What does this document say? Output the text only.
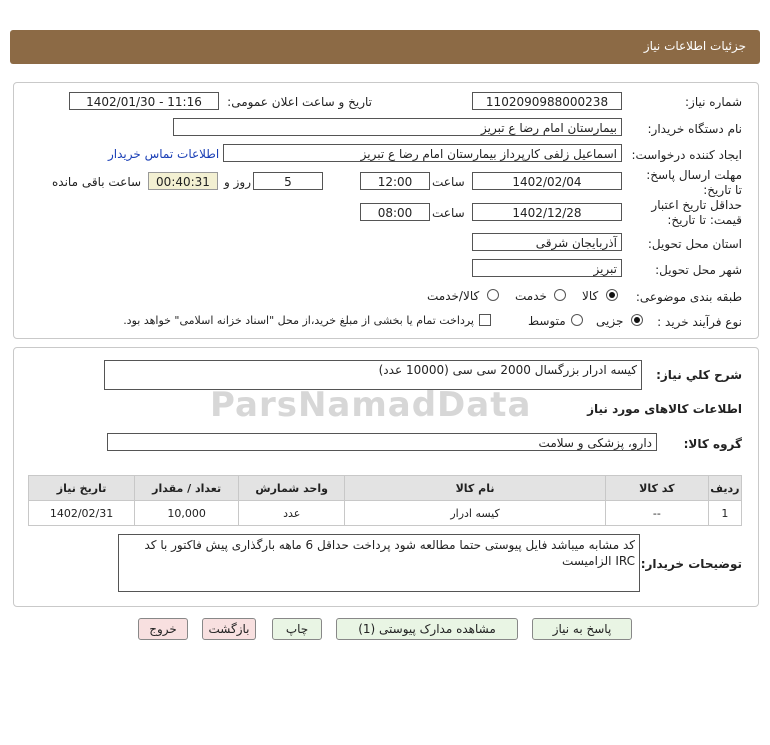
جزئیات اطلاعات نیاز
شماره نیاز:
1102090988000238
تاریخ و ساعت اعلان عمومی:
1402/01/30 - 11:16
نام دستگاه خریدار:
بیمارستان امام رضا ع تبریز
ایجاد کننده درخواست:
اسماعیل زلفی کارپرداز بیمارستان امام رضا ع تبریز
اطلاعات تماس خریدار
مهلت ارسال پاسخ: تا تاریخ:
1402/02/04
ساعت
12:00
5
روز و
00:40:31
ساعت باقی مانده
حداقل تاریخ اعتبار قیمت: تا تاریخ:
1402/12/28
ساعت
08:00
استان محل تحویل:
آذربایجان شرقی
شهر محل تحویل:
تبریز
طبقه بندی موضوعی:
کالا
خدمت
کالا/خدمت
نوع فرآیند خرید :
جزیی
متوسط
پرداخت تمام یا بخشی از مبلغ خرید،از محل "اسناد خزانه اسلامی" خواهد بود.
شرح کلي نياز:
کیسه ادرار بزرگسال 2000 سی سی (10000 عدد)
اطلاعات کالاهای مورد نیاز
گروه کالا:
دارو، پزشکی و سلامت
ردیف	کد کالا	نام کالا	واحد شمارش	تعداد / مقدار	تاریخ نیاز
1	--	کیسه ادرار	عدد	10,000	1402/02/31
توضیحات خریدار:
کد مشابه میباشد فایل پیوستی حتما مطالعه شود پرداخت حداقل 6 ماهه بارگذاری پیش فاکتور با کد IRC الزامیست
ParsNamadData
پاسخ به نیاز
مشاهده مدارک پیوستی (1)
چاپ
بازگشت
خروج
